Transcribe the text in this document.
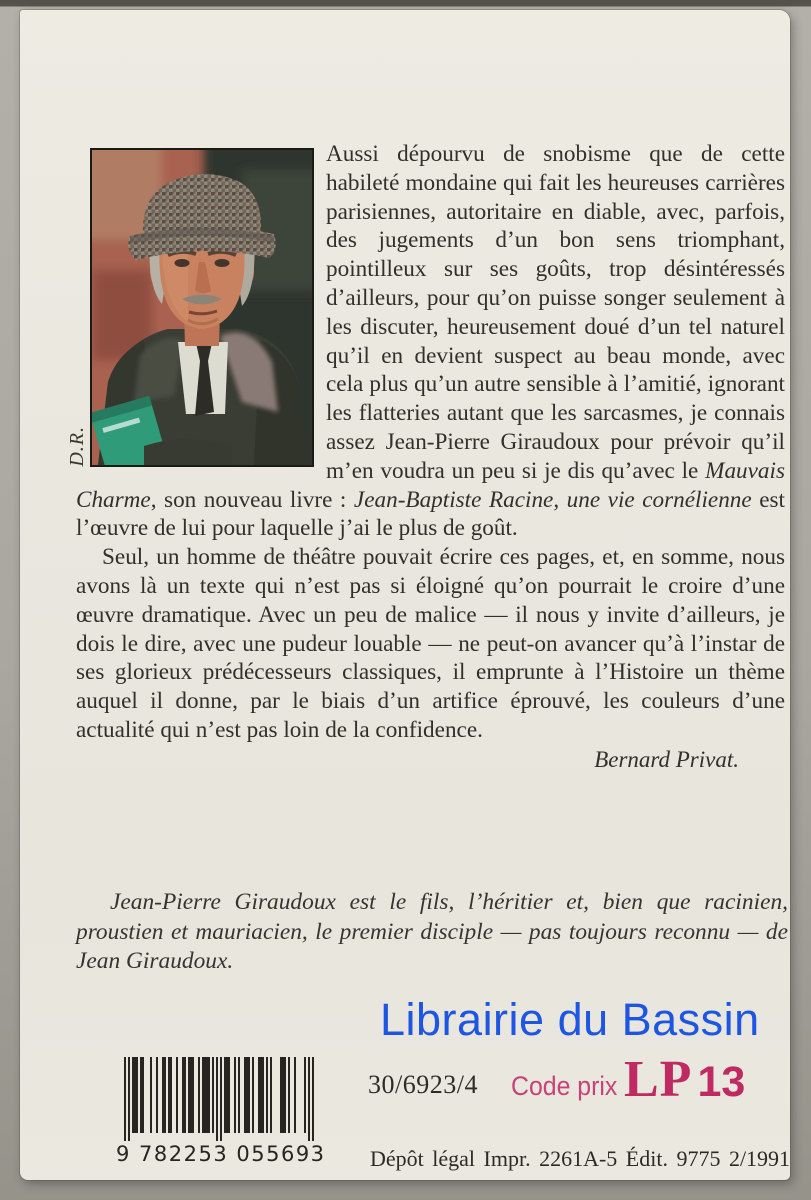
D.R.

Aussi dépourvu de snobisme que de cette habileté mondaine qui fait les heureuses carrières parisiennes, autoritaire en diable, avec, parfois, des jugements d’un bon sens triomphant, pointilleux sur ses goûts, trop désintéressés d’ailleurs, pour qu’on puisse songer seulement à les discuter, heureusement doué d’un tel naturel qu’il en devient suspect au beau monde, avec cela plus qu’un autre sensible à l’amitié, ignorant les flatteries autant que les sarcasmes, je connais assez Jean-Pierre Giraudoux pour prévoir qu’il m’en voudra un peu si je dis qu’avec le Mauvais Charme, son nouveau livre : Jean-Baptiste Racine, une vie cornélienne est l’œuvre de lui pour laquelle j’ai le plus de goût.

Seul, un homme de théâtre pouvait écrire ces pages, et, en somme, nous avons là un texte qui n’est pas si éloigné qu’on pourrait le croire d’une œuvre dramatique. Avec un peu de malice — il nous y invite d’ailleurs, je dois le dire, avec une pudeur louable — ne peut-on avancer qu’à l’instar de ses glorieux prédécesseurs classiques, il emprunte à l’Histoire un thème auquel il donne, par le biais d’un artifice éprouvé, les couleurs d’une actualité qui n’est pas loin de la confidence.

Bernard Privat.
Jean-Pierre Giraudoux est le fils, l’héritier et, bien que racinien, proustien et mauriacien, le premier disciple — pas toujours reconnu — de Jean Giraudoux.
Librairie du Bassin
9 782253 055693
30/6923/4 Code prix LP 13
Dépôt légal Impr. 2261A-5 Édit. 9775 2/1991
